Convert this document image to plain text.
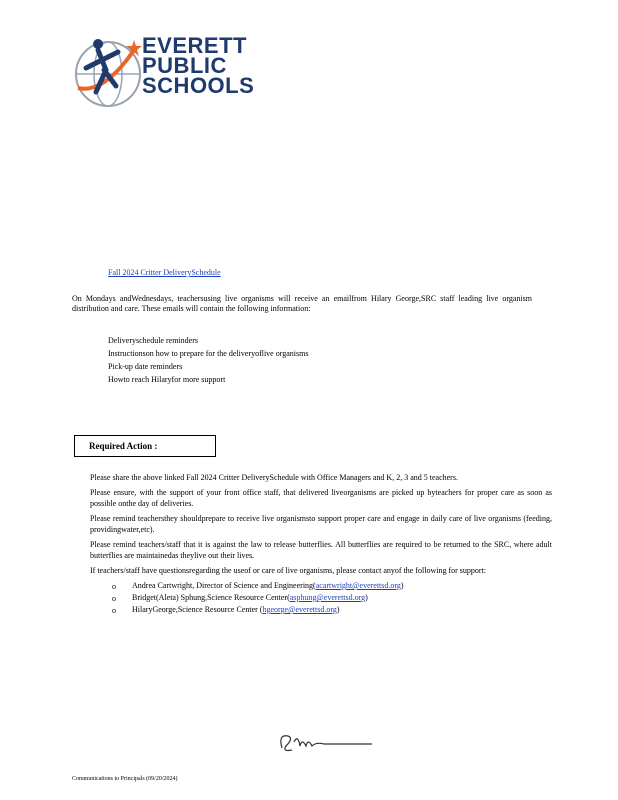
EVERETT
PUBLIC
SCHOOLS
Fall 2024 Critter DeliverySchedule

On Mondays andWednesdays, teachersusing live organisms will receive an emailfrom Hilary George,SRC staff leading live organism distribution and care. These emails will contain the following information:

Deliveryschedule reminders
Instructionson how to prepare for the deliveryoflive organisms
Pick-up date reminders
Howto reach Hilaryfor more support
Required Action :
Please share the above linked Fall 2024 Critter DeliverySchedule with Office Managers and K, 2, 3 and 5 teachers.
Please ensure, with the support of your front office staff, that delivered liveorganisms are picked up byteachers for proper care as soon as possible onthe day of deliveries.
Please remind teachersthey shouldprepare to receive live organismsto support proper care and engage in daily care of live organisms (feeding, providingwater,etc).
Please remind teachers/staff that it is against the law to release butterflies. All butterflies are required to be returned to the SRC, where adult butterflies are maintainedas theylive out their lives.
If teachers/staff have questionsregarding the useof or care of live organisms, please contact anyof the following for support:
o Andrea Cartwright, Director of Science and Engineering(acartwright@everettsd.org)
o Bridget(Aleta) Sphung,Science Resource Center(asphung@everettsd.org)
o HilaryGeorge,Science Resource Center (hgeorge@everettsd.org)
Communications to Principals (09/20/2024)
